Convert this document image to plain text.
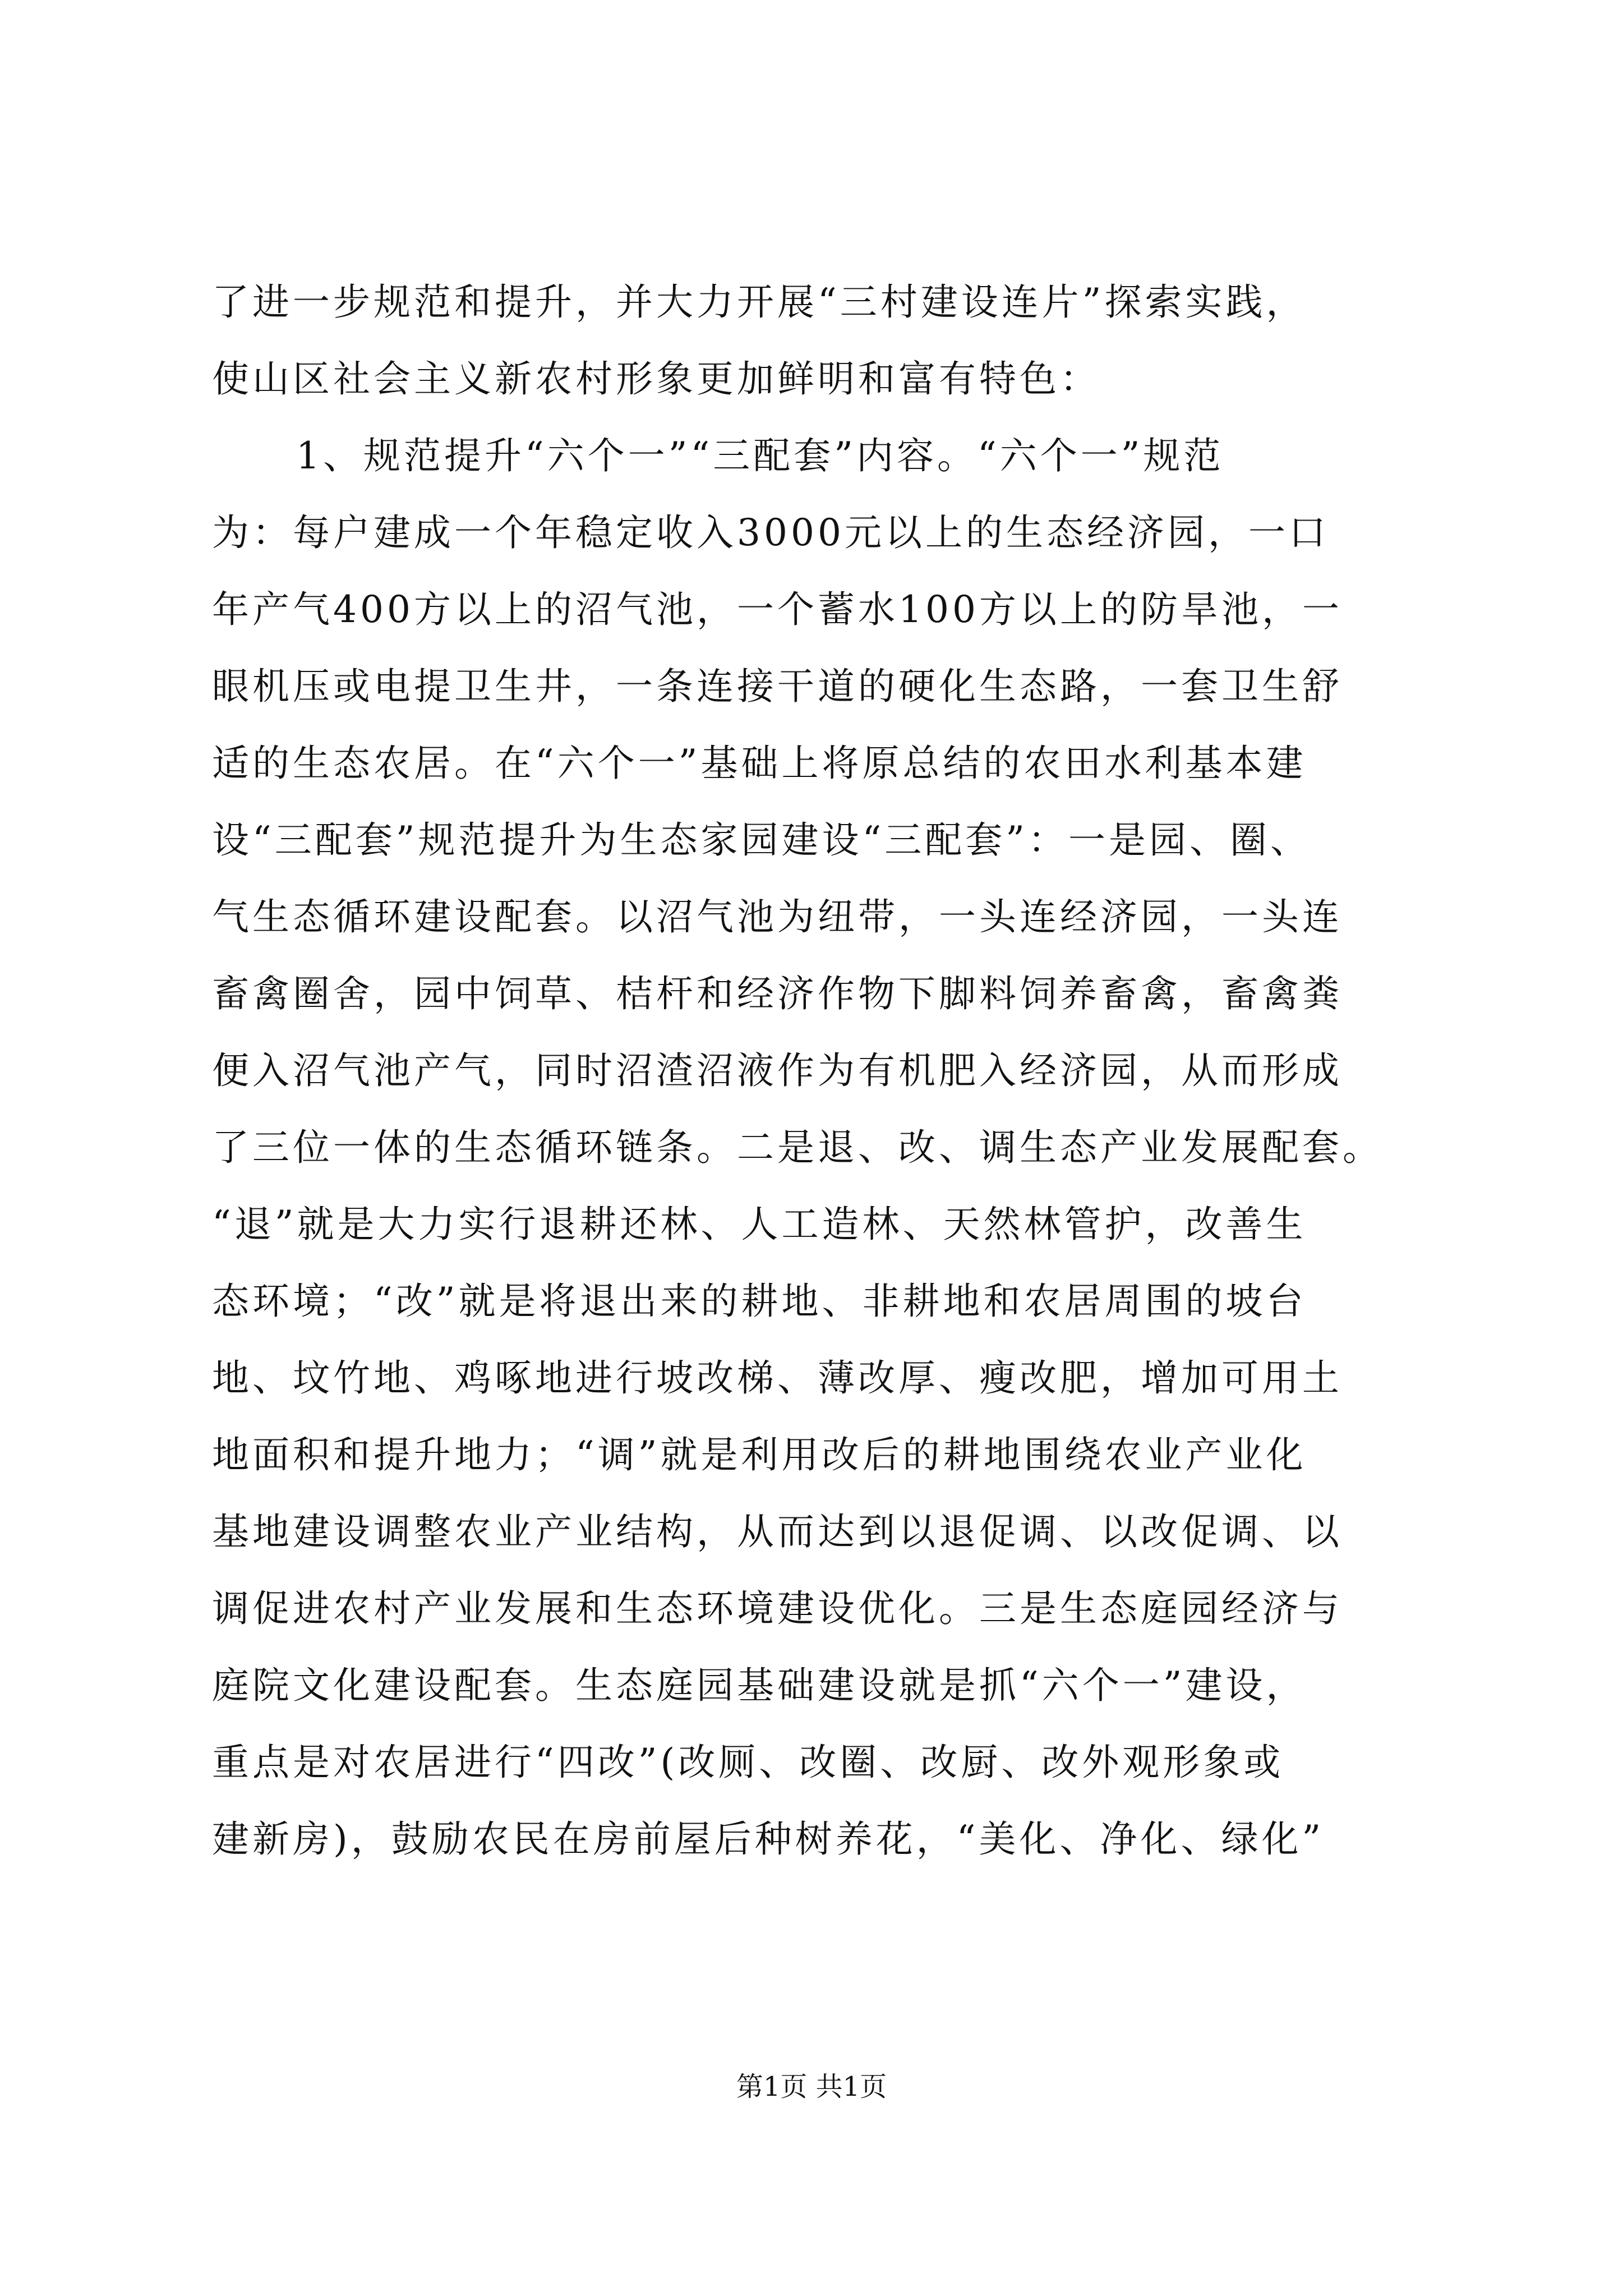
了进一步规范和提升，并大力开展“三村建设连片”探索实践，
使山区社会主义新农村形象更加鲜明和富有特色：
1、规范提升“六个一”“三配套”内容。“六个一”规范
为：每户建成一个年稳定收入3000元以上的生态经济园，一口
年产气400方以上的沼气池，一个蓄水100方以上的防旱池，一
眼机压或电提卫生井，一条连接干道的硬化生态路，一套卫生舒
适的生态农居。在“六个一”基础上将原总结的农田水利基本建
设“三配套”规范提升为生态家园建设“三配套”：一是园、圈、
气生态循环建设配套。以沼气池为纽带，一头连经济园，一头连
畜禽圈舍，园中饲草、桔杆和经济作物下脚料饲养畜禽，畜禽粪
便入沼气池产气，同时沼渣沼液作为有机肥入经济园，从而形成
了三位一体的生态循环链条。二是退、改、调生态产业发展配套。
“退”就是大力实行退耕还林、人工造林、天然林管护，改善生
态环境；“改”就是将退出来的耕地、非耕地和农居周围的坡台
地、坟竹地、鸡啄地进行坡改梯、薄改厚、瘦改肥，增加可用土
地面积和提升地力；“调”就是利用改后的耕地围绕农业产业化
基地建设调整农业产业结构，从而达到以退促调、以改促调、以
调促进农村产业发展和生态环境建设优化。三是生态庭园经济与
庭院文化建设配套。生态庭园基础建设就是抓“六个一”建设，
重点是对农居进行“四改”(改厕、改圈、改厨、改外观形象或
建新房)，鼓励农民在房前屋后种树养花，“美化、净化、绿化”
第1页 共1页
